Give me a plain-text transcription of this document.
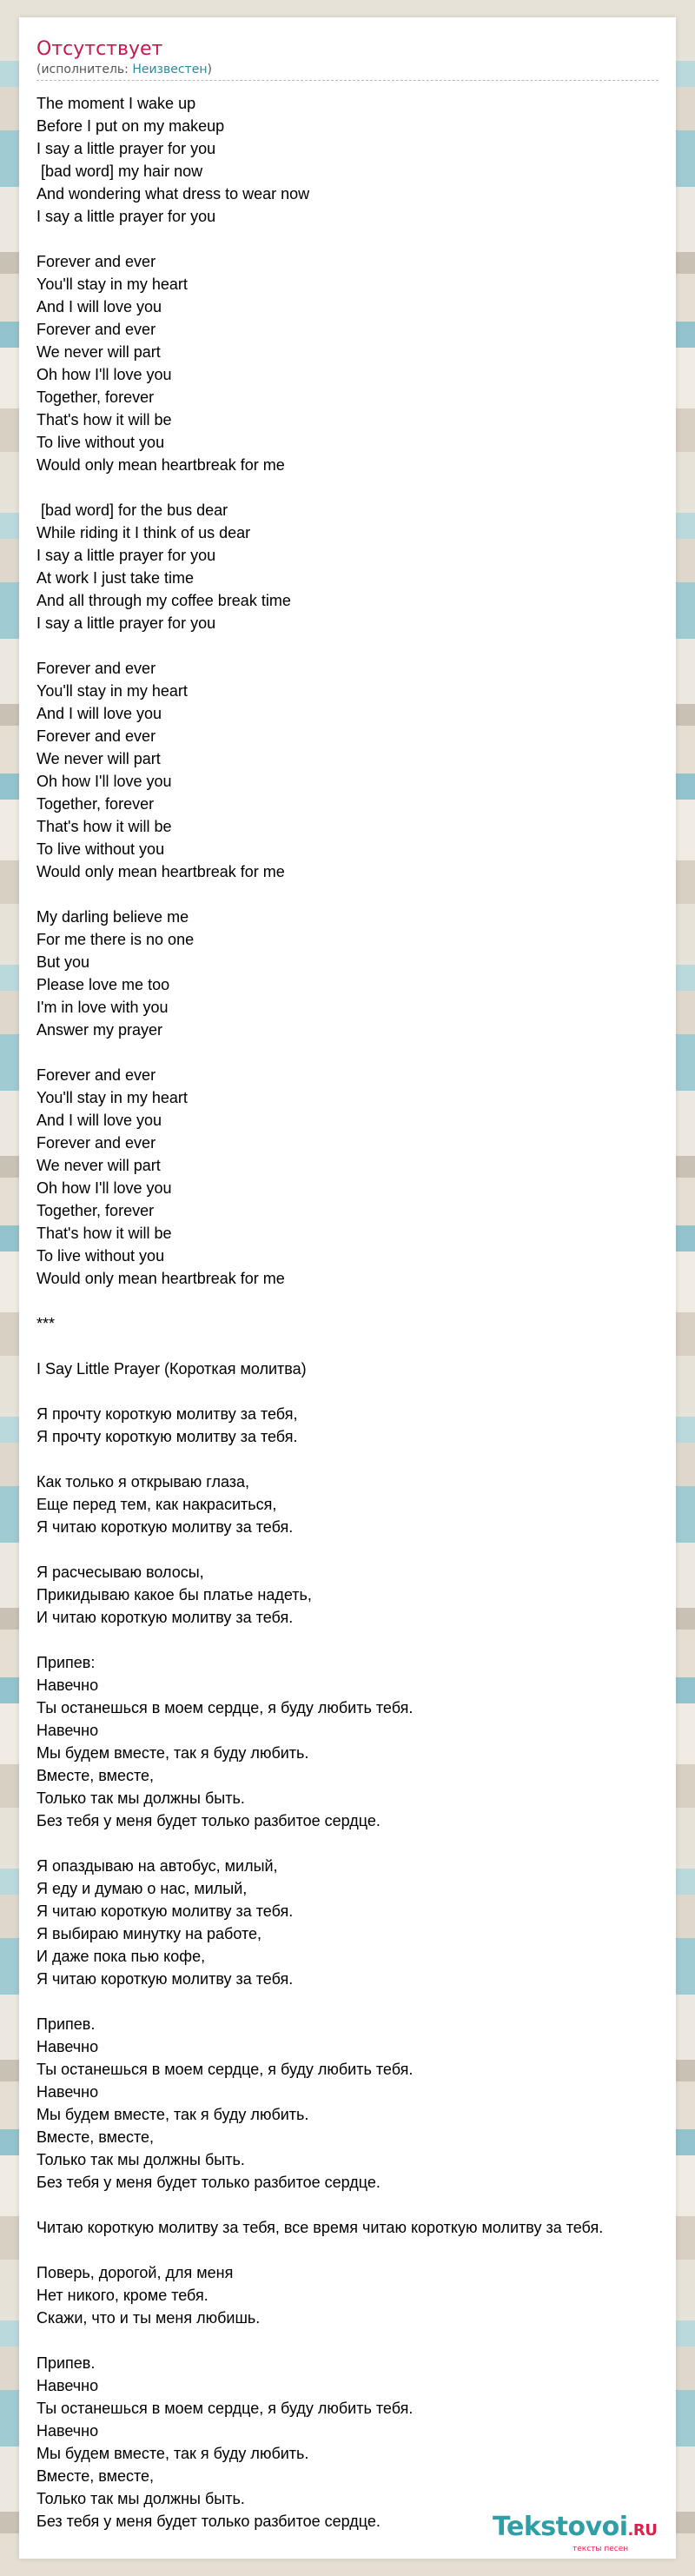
Отсутствует
(исполнитель: Неизвестен)
The moment I wake up
Before I put on my makeup
I say a little prayer for you
[bad word] my hair now
And wondering what dress to wear now
I say a little prayer for you

Forever and ever
You'll stay in my heart
And I will love you
Forever and ever
We never will part
Oh how I'll love you
Together, forever
That's how it will be
To live without you
Would only mean heartbreak for me

[bad word] for the bus dear
While riding it I think of us dear
I say a little prayer for you
At work I just take time
And all through my coffee break time
I say a little prayer for you

Forever and ever
You'll stay in my heart
And I will love you
Forever and ever
We never will part
Oh how I'll love you
Together, forever
That's how it will be
To live without you
Would only mean heartbreak for me

My darling believe me
For me there is no one
But you
Please love me too
I'm in love with you
Answer my prayer

Forever and ever
You'll stay in my heart
And I will love you
Forever and ever
We never will part
Oh how I'll love you
Together, forever
That's how it will be
To live without you
Would only mean heartbreak for me

***

I Say Little Prayer (Короткая молитва)

Я прочту короткую молитву за тебя,
Я прочту короткую молитву за тебя.

Как только я открываю глаза,
Еще перед тем, как накраситься,
Я читаю короткую молитву за тебя.

Я расчесываю волосы,
Прикидываю какое бы платье надеть,
И читаю короткую молитву за тебя.

Припев:
Навечно
Ты останешься в моем сердце, я буду любить тебя.
Навечно
Мы будем вместе, так я буду любить.
Вместе, вместе,
Только так мы должны быть.
Без тебя у меня будет только разбитое сердце.

Я опаздываю на автобус, милый,
Я еду и думаю о нас, милый,
Я читаю короткую молитву за тебя.
Я выбираю минутку на работе,
И даже пока пью кофе,
Я читаю короткую молитву за тебя.

Припев.
Навечно
Ты останешься в моем сердце, я буду любить тебя.
Навечно
Мы будем вместе, так я буду любить.
Вместе, вместе,
Только так мы должны быть.
Без тебя у меня будет только разбитое сердце.

Читаю короткую молитву за тебя, все время читаю короткую молитву за тебя.

Поверь, дорогой, для меня
Нет никого, кроме тебя.
Скажи, что и ты меня любишь.

Припев.
Навечно
Ты останешься в моем сердце, я буду любить тебя.
Навечно
Мы будем вместе, так я буду любить.
Вместе, вместе,
Только так мы должны быть.
Без тебя у меня будет только разбитое сердце.	Tekstovoi.RU
тексты песен
